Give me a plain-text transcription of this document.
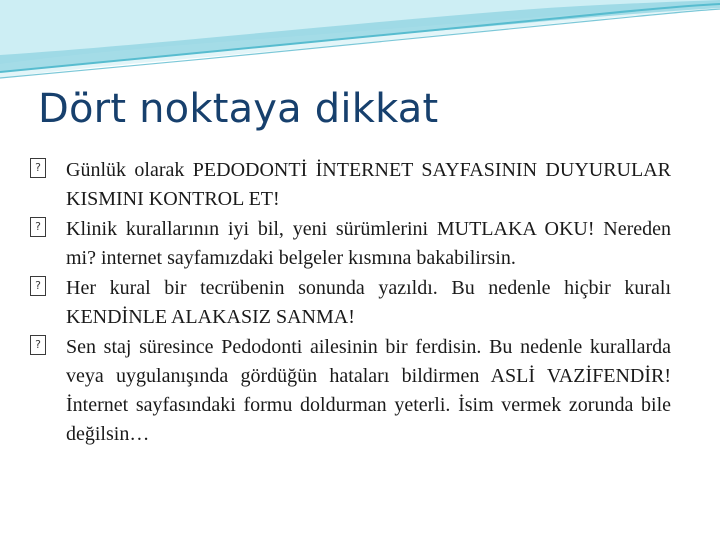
Dört noktaya dikkat
? Günlük olarak PEDODONTİ İNTERNET SAYFASININ DUYURULAR KISMINI KONTROL ET!
? Klinik kurallarının iyi bil, yeni sürümlerini MUTLAKA OKU! Nereden mi? internet sayfamızdaki belgeler kısmına bakabilirsin.
? Her kural bir tecrübenin sonunda yazıldı. Bu nedenle hiçbir kuralı KENDİNLE ALAKASIZ SANMA!
? Sen staj süresince Pedodonti ailesinin bir ferdisin. Bu nedenle kurallarda veya uygulanışında gördüğün hataları bildirmen ASLİ VAZİFENDİR! İnternet sayfasındaki formu doldurman yeterli. İsim vermek zorunda bile değilsin…
